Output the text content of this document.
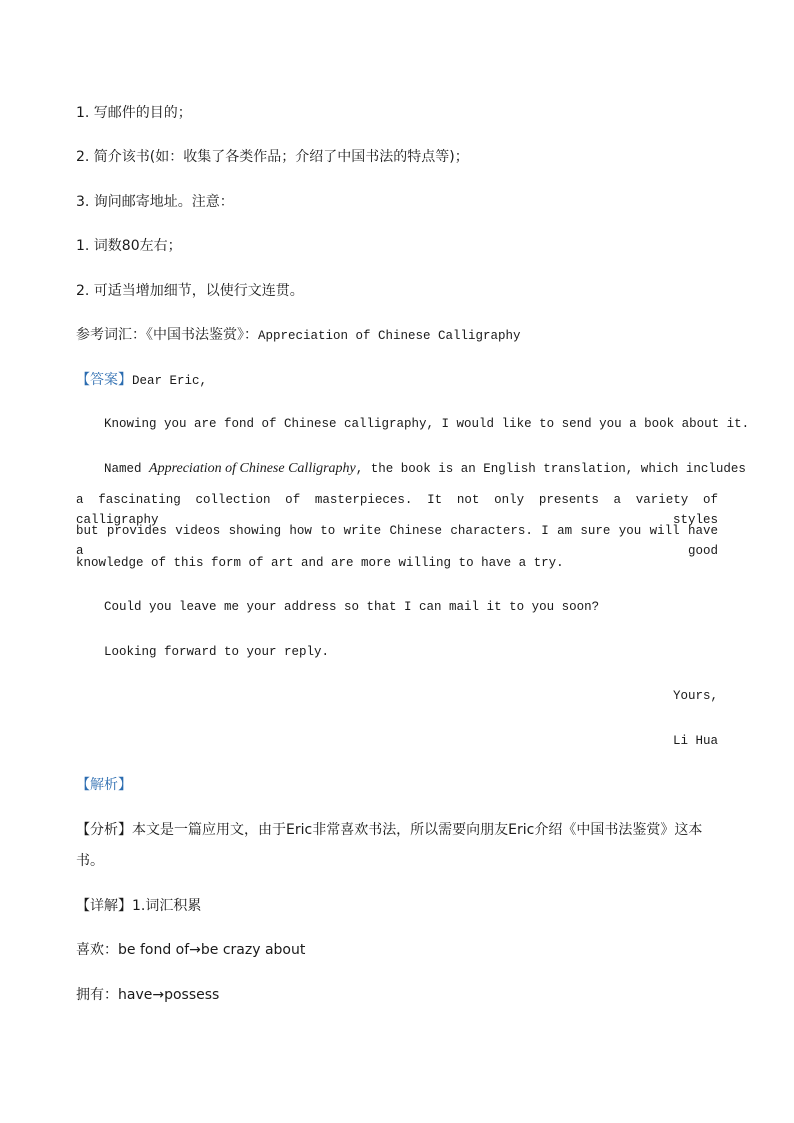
1. 写邮件的目的；
2. 简介该书(如：收集了各类作品；介绍了中国书法的特点等)；
3. 询问邮寄地址。注意：
1. 词数80左右；
2. 可适当增加细节，以使行文连贯。
参考词汇：《中国书法鉴赏》：Appreciation of Chinese Calligraphy
【答案】Dear Eric,
Knowing you are fond of Chinese calligraphy, I would like to send you a book about it.
Named Appreciation of Chinese Calligraphy, the book is an English translation, which includes
a fascinating collection of masterpieces. It not only presents a variety of calligraphy styles
but provides videos showing how to write Chinese characters. I am sure you will have a good
knowledge of this form of art and are more willing to have a try.
Could you leave me your address so that I can mail it to you soon?
Looking forward to your reply.
Yours,
Li Hua
【解析】
【分析】本文是一篇应用文，由于Eric非常喜欢书法，所以需要向朋友Eric介绍《中国书法鉴赏》这本
书。
【详解】1.词汇积累
喜欢：be fond of→be crazy about
拥有：have→possess
